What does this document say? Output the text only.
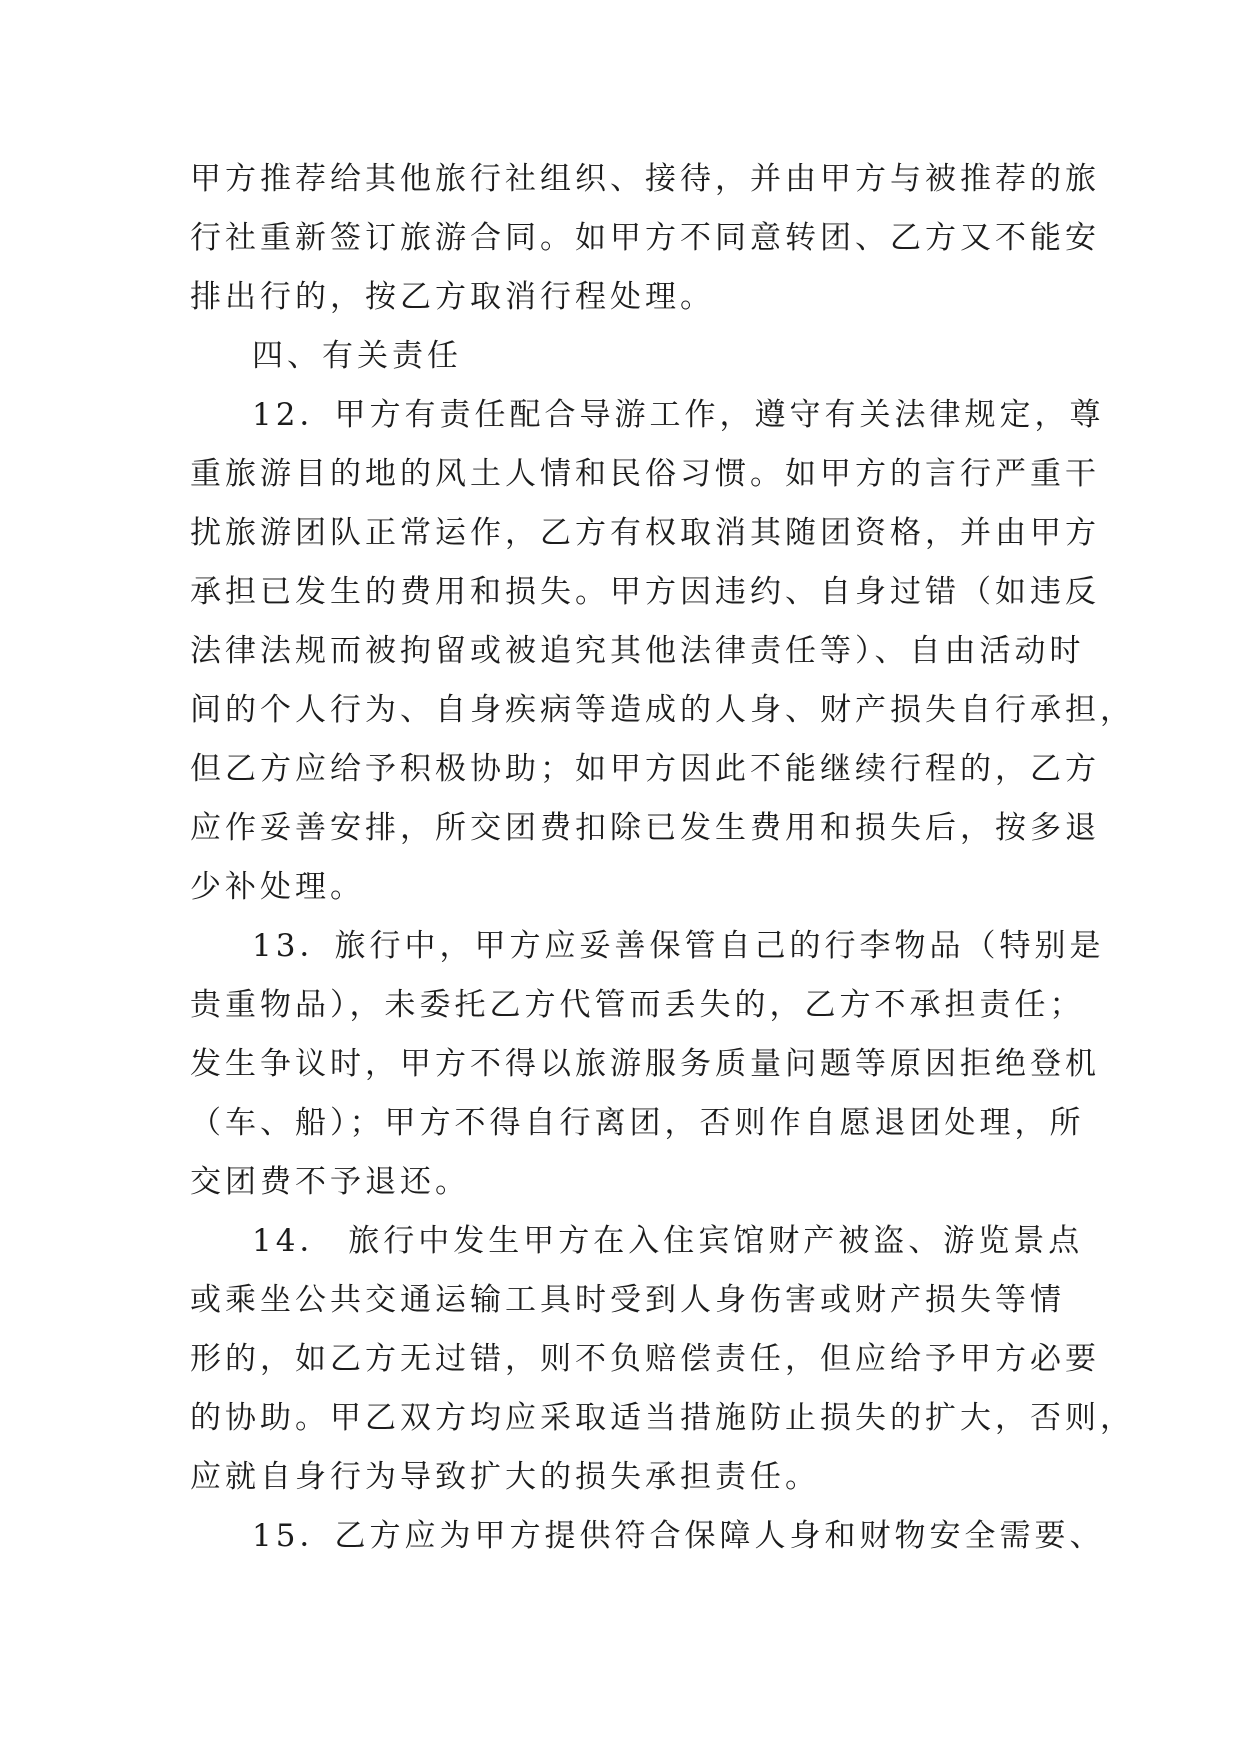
甲方推荐给其他旅行社组织、接待，并由甲方与被推荐的旅
行社重新签订旅游合同。如甲方不同意转团、乙方又不能安
排出行的，按乙方取消行程处理。
四、有关责任
12．甲方有责任配合导游工作，遵守有关法律规定，尊
重旅游目的地的风土人情和民俗习惯。如甲方的言行严重干
扰旅游团队正常运作，乙方有权取消其随团资格，并由甲方
承担已发生的费用和损失。甲方因违约、自身过错（如违反
法律法规而被拘留或被追究其他法律责任等）、自由活动时
间的个人行为、自身疾病等造成的人身、财产损失自行承担，
但乙方应给予积极协助；如甲方因此不能继续行程的，乙方
应作妥善安排，所交团费扣除已发生费用和损失后，按多退
少补处理。
13．旅行中，甲方应妥善保管自己的行李物品（特别是
贵重物品），未委托乙方代管而丢失的，乙方不承担责任；
发生争议时，甲方不得以旅游服务质量问题等原因拒绝登机
（车、船）；甲方不得自行离团，否则作自愿退团处理，所
交团费不予退还。
14． 旅行中发生甲方在入住宾馆财产被盗、游览景点
或乘坐公共交通运输工具时受到人身伤害或财产损失等情
形的，如乙方无过错，则不负赔偿责任，但应给予甲方必要
的协助。甲乙双方均应采取适当措施防止损失的扩大，否则，
应就自身行为导致扩大的损失承担责任。
15．乙方应为甲方提供符合保障人身和财物安全需要、
